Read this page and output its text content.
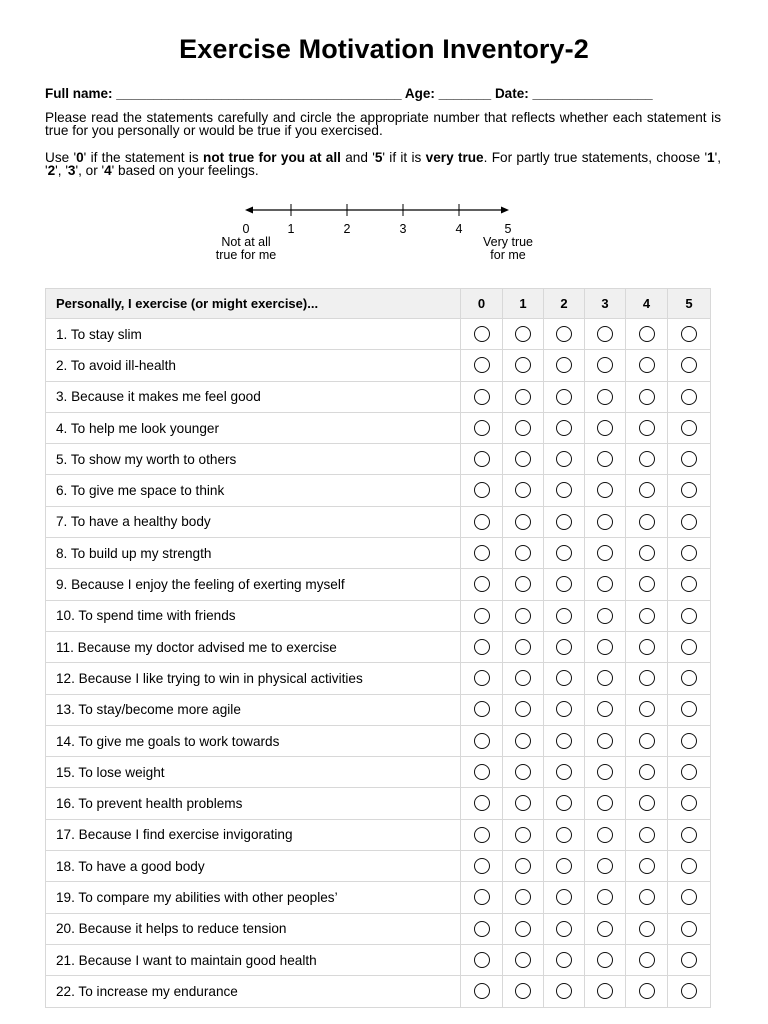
Exercise Motivation Inventory-2
Full name: ______________________________________ Age: _______ Date: ________________
Please read the statements carefully and circle the appropriate number that reflects whether each statement is true for you personally or would be true if you exercised.
Use '0' if the statement is not true for you at all and '5' if it is very true. For partly true statements, choose '1', '2', '3', or '4' based on your feelings.
0	1	2	3	4	5
Not at all
true for me
Very true
for me
Personally, I exercise (or might exercise)...	0	1	2	3	4	5
1. To stay slim						
2. To avoid ill-health						
3. Because it makes me feel good						
4. To help me look younger						
5. To show my worth to others						
6. To give me space to think						
7. To have a healthy body						
8. To build up my strength						
9. Because I enjoy the feeling of exerting myself						
10. To spend time with friends						
11. Because my doctor advised me to exercise						
12. Because I like trying to win in physical activities						
13. To stay/become more agile						
14. To give me goals to work towards						
15. To lose weight						
16. To prevent health problems						
17. Because I find exercise invigorating						
18. To have a good body						
19. To compare my abilities with other peoples’						
20. Because it helps to reduce tension						
21. Because I want to maintain good health						
22. To increase my endurance						
